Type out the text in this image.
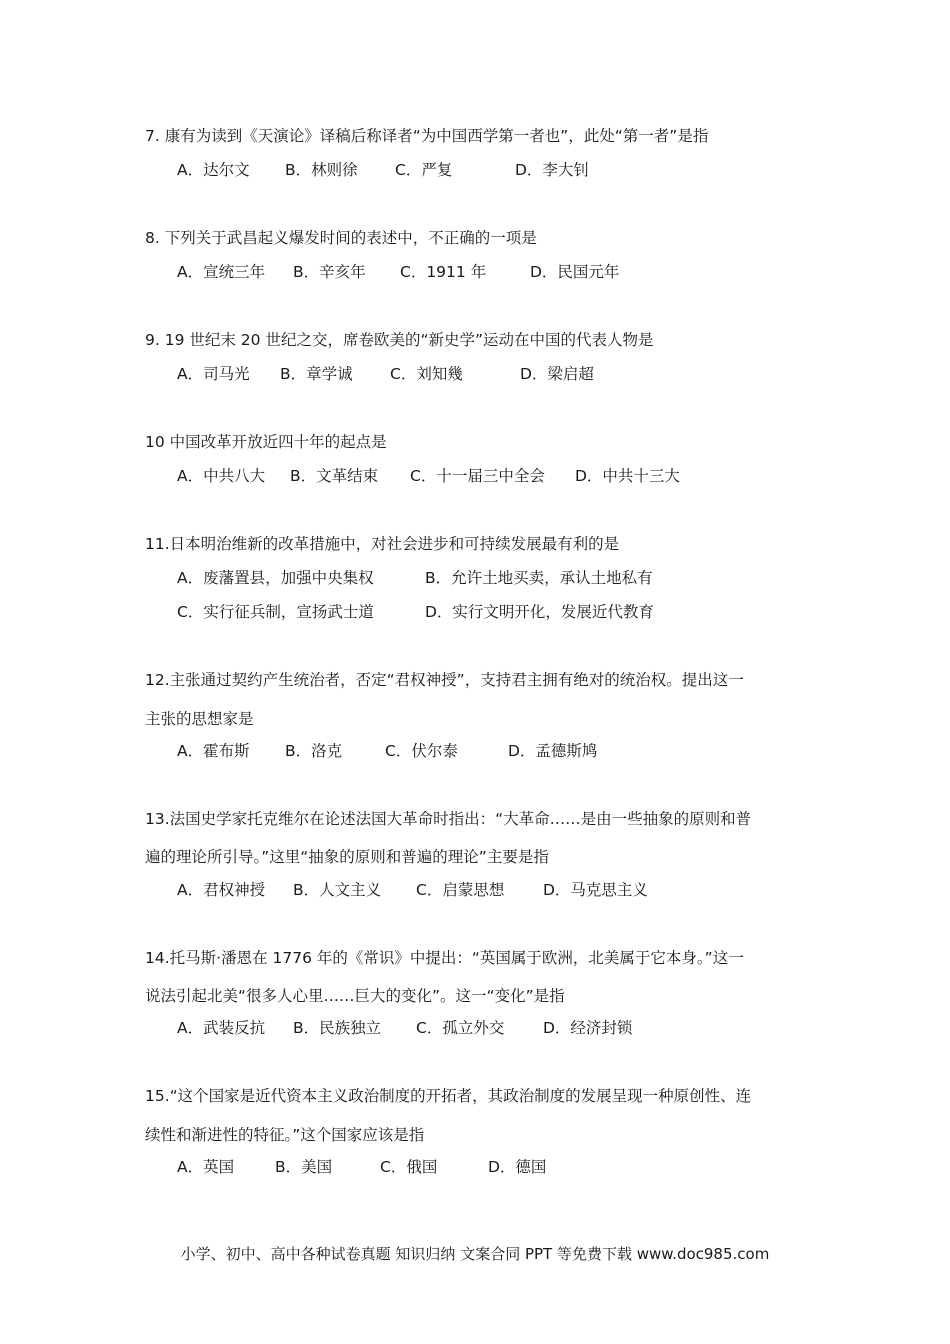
7. 康有为读到《天演论》译稿后称译者“为中国西学第一者也”，此处“第一者”是指
A．达尔文 B．林则徐 C．严复	D．李大钊
8. 下列关于武昌起义爆发时间的表述中，不正确的一项是
A．宣统三年 B．辛亥年 C．1911 年	D．民国元年
9. 19 世纪末 20 世纪之交，席卷欧美的“新史学”运动在中国的代表人物是
A．司马光 B．章学诚 C．刘知幾	D．梁启超
10 中国改革开放近四十年的起点是
A．中共八大 B．文革结束 C．十一届三中全会 D．中共十三大
11.日本明治维新的改革措施中，对社会进步和可持续发展最有利的是
A．废藩置县，加强中央集权	B．允许土地买卖，承认土地私有
C．实行征兵制，宣扬武士道	D．实行文明开化，发展近代教育
12.主张通过契约产生统治者，否定“君权神授”，支持君主拥有绝对的统治权。提出这一
主张的思想家是
A．霍布斯 B．洛克	C．伏尔泰	D．孟德斯鸠
13.法国史学家托克维尔在论述法国大革命时指出：“大革命……是由一些抽象的原则和普
遍的理论所引导。”这里“抽象的原则和普遍的理论”主要是指
A．君权神授 B．人文主义 C．启蒙思想 D．马克思主义
14.托马斯·潘恩在 1776 年的《常识》中提出：“英国属于欧洲，北美属于它本身。”这一
说法引起北美“很多人心里……巨大的变化”。这一“变化”是指
A．武装反抗 B．民族独立 C．孤立外交 D．经济封锁
15.“这个国家是近代资本主义政治制度的开拓者，其政治制度的发展呈现一种原创性、连
续性和渐进性的特征。”这个国家应该是指
A．英国	B．美国	C．俄国	D．德国
小学、初中、高中各种试卷真题 知识归纳 文案合同 PPT 等免费下载 www.doc985.com
